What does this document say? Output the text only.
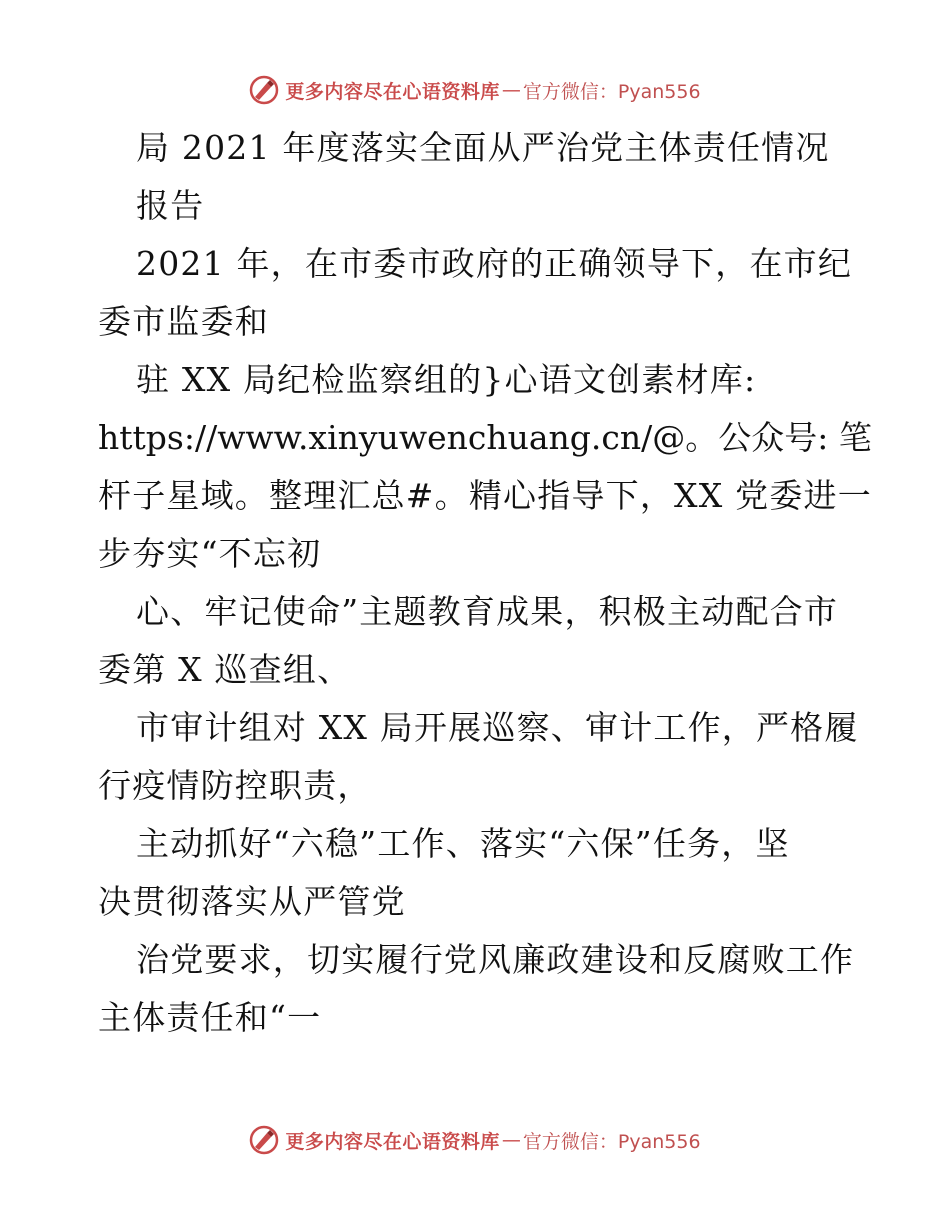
更多内容尽在心语资料库 — 官方微信：Pyan556
局 2021 年度落实全面从严治党主体责任情况
报告
2021 年，在市委市政府的正确领导下，在市纪
委市监委和
驻 XX 局纪检监察组的}心语文创素材库:
https://www.xinyuwenchuang.cn/@。公众号: 笔
杆子星域。整理汇总#。精心指导下，XX 党委进一
步夯实“不忘初
心、牢记使命”主题教育成果，积极主动配合市
委第 X 巡查组、
市审计组对 XX 局开展巡察、审计工作，严格履
行疫情防控职责，
主动抓好“六稳”工作、落实“六保”任务，坚
决贯彻落实从严管党
治党要求，切实履行党风廉政建设和反腐败工作
主体责任和“一
更多内容尽在心语资料库 — 官方微信：Pyan556
